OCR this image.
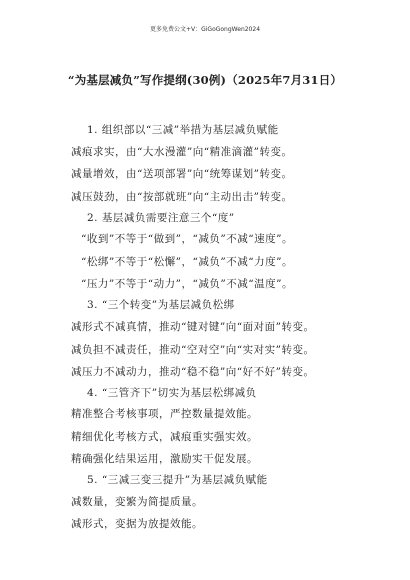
更多免费公文+V：GiGoGongWen2024
“为基层减负”写作提纲(30例)（2025年7月31日）
1. 组织部以“三减”举措为基层减负赋能
减痕求实，由“大水漫灌”向“精准滴灌”转变。
减量增效，由“送项部署”向“统筹谋划”转变。
减压鼓劲，由“按部就班”向“主动出击”转变。
2. 基层减负需要注意三个“度”
“收到”不等于“做到”，“减负”不减“速度”。
“松绑”不等于“松懈”，“减负”不减“力度”。
“压力”不等于“动力”，“减负”不减“温度”。
3. “三个转变”为基层减负松绑
减形式不减真情，推动“键对键”向“面对面”转变。
减负担不减责任，推动“空对空”向“实对实”转变。
减压力不减动力，推动“稳不稳”向“好不好”转变。
4. “三管齐下”切实为基层松绑减负
精准整合考核事项，严控数量提效能。
精细优化考核方式，减痕重实强实效。
精确强化结果运用，激励实干促发展。
5. “三减三变三提升”为基层减负赋能
减数量，变繁为简提质量。
减形式，变据为放提效能。
